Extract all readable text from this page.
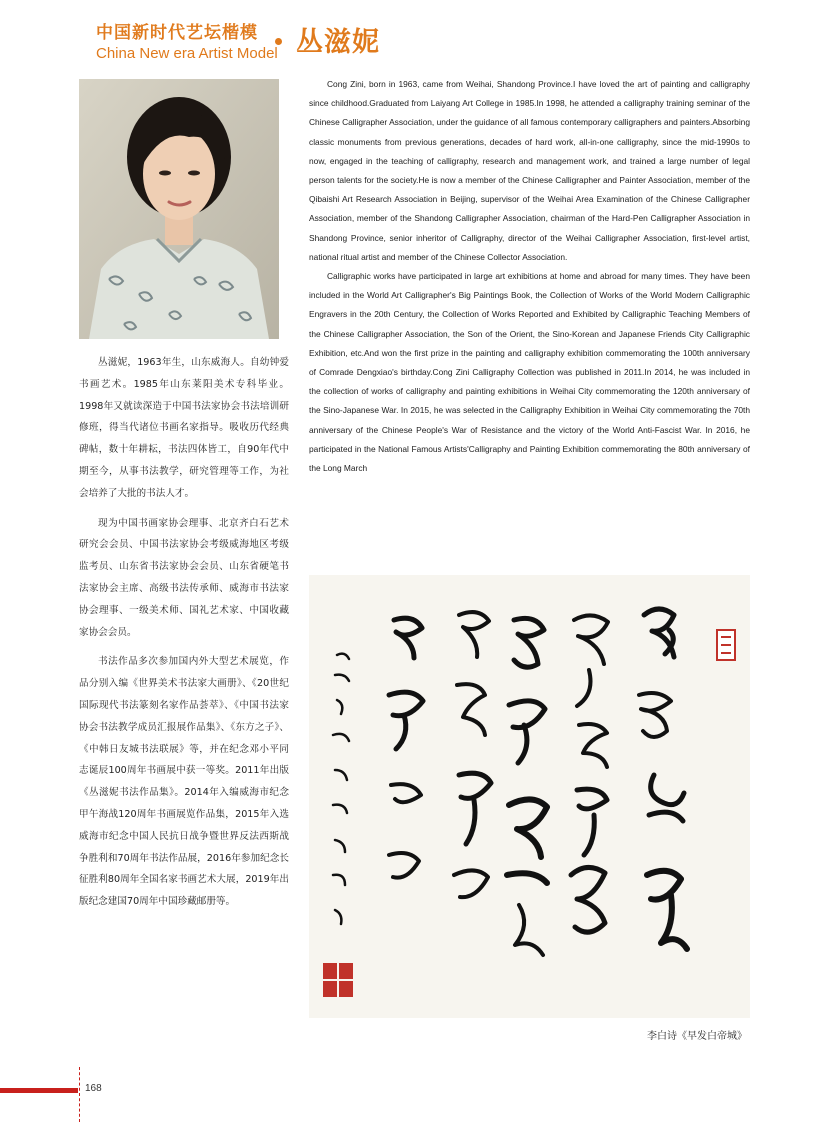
中国新时代艺坛楷模
China New era Artist Model 丛滋妮

Cong Zini, born in 1963, came from Weihai, Shandong Province.I have loved the art of painting and calligraphy since childhood.Graduated from Laiyang Art College in 1985.In 1998, he attended a calligraphy training seminar of the Chinese Calligrapher Association, under the guidance of all famous contemporary calligraphers and painters.Absorbing classic monuments from previous generations, decades of hard work, all-in-one calligraphy, since the mid-1990s to now, engaged in the teaching of calligraphy, research and management work, and trained a large number of legal person talents for the society.He is now a member of the Chinese Calligrapher and Painter Association, member of the Qibaishi Art Research Association in Beijing, supervisor of the Weihai Area Examination of the Chinese Calligrapher Association, member of the Shandong Calligrapher Association, chairman of the Hard-Pen Calligrapher Association in Shandong Province, senior inheritor of Calligraphy, director of the Weihai Calligrapher Association, first-level artist, national ritual artist and member of the Chinese Collector Association.

Calligraphic works have participated in large art exhibitions at home and abroad for many times. They have been included in the World Art Calligrapher's Big Paintings Book, the Collection of Works of the World Modern Calligraphic Engravers in the 20th Century, the Collection of Works Reported and Exhibited by Calligraphic Teaching Members of the Chinese Calligrapher Association, the Son of the Orient, the Sino-Korean and Japanese Friends City Calligraphic Exhibition, etc.And won the first prize in the painting and calligraphy exhibition commemorating the 100th anniversary of Comrade Dengxiao's birthday.Cong Zini Calligraphy Collection was published in 2011.In 2014, he was included in the collection of works of calligraphy and painting exhibitions in Weihai City commemorating the 120th anniversary of the Sino-Japanese War. In 2015, he was selected in the Calligraphy Exhibition in Weihai City commemorating the 70th anniversary of the Chinese People's War of Resistance and the victory of the World Anti-Fascist War. In 2016, he participated in the National Famous Artists'Calligraphy and Painting Exhibition commemorating the 80th anniversary of the Long March

丛滋妮，1963年生，山东威海人。自幼钟爱书画艺术。1985年山东莱阳美术专科毕业。1998年又就读深造于中国书法家协会书法培训研修班，得当代诸位书画名家指导。吸收历代经典碑帖，数十年耕耘，书法四体皆工，自90年代中期至今，从事书法教学，研究管理等工作，为社会培养了大批的书法人才。

现为中国书画家协会理事、北京齐白石艺术研究会会员、中国书法家协会考级威海地区考级监考员、山东省书法家协会会员、山东省硬笔书法家协会主席、高级书法传承师、威海市书法家协会理事、一级美术师、国礼艺术家、中国收藏家协会会员。

书法作品多次参加国内外大型艺术展览，作品分别入编《世界美术书法家大画册》、《20世纪国际现代书法篆刻名家作品荟萃》、《中国书法家协会书法教学成员汇报展作品集》、《东方之子》、《中韩日友城书法联展》等，并在纪念邓小平同志诞辰100周年书画展中获一等奖。2011年出版《丛滋妮书法作品集》。2014年入编威海市纪念甲午海战120周年书画展览作品集，2015年入选威海市纪念中国人民抗日战争暨世界反法西斯战争胜利和70周年书法作品展，2016年参加纪念长征胜利80周年全国名家书画艺术大展，2019年出版纪念建国70周年中国珍藏邮册等。

李白诗《早发白帝城》
168
